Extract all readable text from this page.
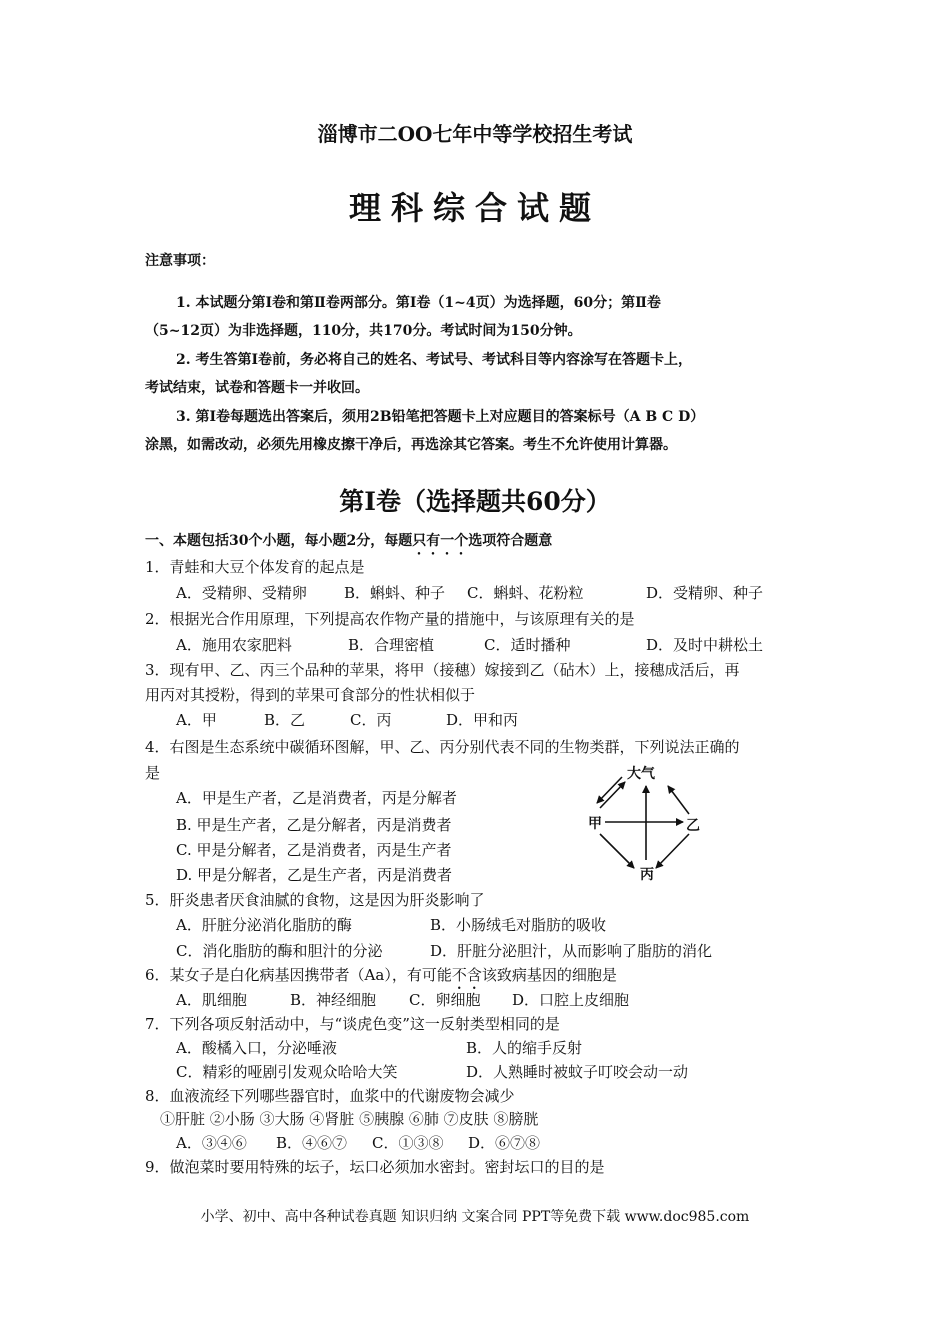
淄博市二OO七年中等学校招生考试
理科综合试题
注意事项：
1. 本试题分第Ⅰ卷和第Ⅱ卷两部分。第Ⅰ卷（1~4页）为选择题，60分；第Ⅱ卷
（5~12页）为非选择题，110分，共170分。考试时间为150分钟。
2. 考生答第Ⅰ卷前，务必将自己的姓名、考试号、考试科目等内容涂写在答题卡上，
考试结束，试卷和答题卡一并收回。
3. 第Ⅰ卷每题选出答案后，须用2B铅笔把答题卡上对应题目的答案标号（A B C D）
涂黑，如需改动，必须先用橡皮擦干净后，再选涂其它答案。考生不允许使用计算器。
第Ⅰ卷（选择题共60分）
一、本题包括30个小题，每小题2分，每题只有一个选项符合题意
1．青蛙和大豆个体发育的起点是
A．受精卵、受精卵 B．蝌蚪、种子 C．蝌蚪、花粉粒	D．受精卵、种子
2．根据光合作用原理，下列提高农作物产量的措施中，与该原理有关的是
A．施用农家肥料	B．合理密植	C．适时播种	D．及时中耕松土
3．现有甲、乙、丙三个品种的苹果，将甲（接穗）嫁接到乙（砧木）上，接穗成活后，再
用丙对其授粉，得到的苹果可食部分的性状相似于
A．甲	B．乙	C．丙	D．甲和丙
4．右图是生态系统中碳循环图解，甲、乙、丙分别代表不同的生物类群，下列说法正确的
是
A．甲是生产者，乙是消费者，丙是分解者
B. 甲是生产者，乙是分解者，丙是消费者
C. 甲是分解者，乙是消费者，丙是生产者
D. 甲是分解者，乙是生产者，丙是消费者
大气
甲	乙
丙
5．肝炎患者厌食油腻的食物，这是因为肝炎影响了
A．肝脏分泌消化脂肪的酶	B．小肠绒毛对脂肪的吸收
C．消化脂肪的酶和胆汁的分泌	D．肝脏分泌胆汁，从而影响了脂肪的消化
6．某女子是白化病基因携带者（Aa），有可能不含该致病基因的细胞是
A．肌细胞	B．神经细胞 C．卵细胞 D．口腔上皮细胞
7．下列各项反射活动中，与“谈虎色变”这一反射类型相同的是
A．酸橘入口，分泌唾液	B．人的缩手反射
C．精彩的哑剧引发观众哈哈大笑	D．人熟睡时被蚊子叮咬会动一动
8．血液流经下列哪些器官时，血浆中的代谢废物会减少
①肝脏 ②小肠 ③大肠 ④肾脏 ⑤胰腺 ⑥肺 ⑦皮肤 ⑧膀胱
A．③④⑥ B．④⑥⑦ C．①③⑧ D．⑥⑦⑧
9．做泡菜时要用特殊的坛子，坛口必须加水密封。密封坛口的目的是
小学、初中、高中各种试卷真题 知识归纳 文案合同 PPT等免费下载 www.doc985.com
